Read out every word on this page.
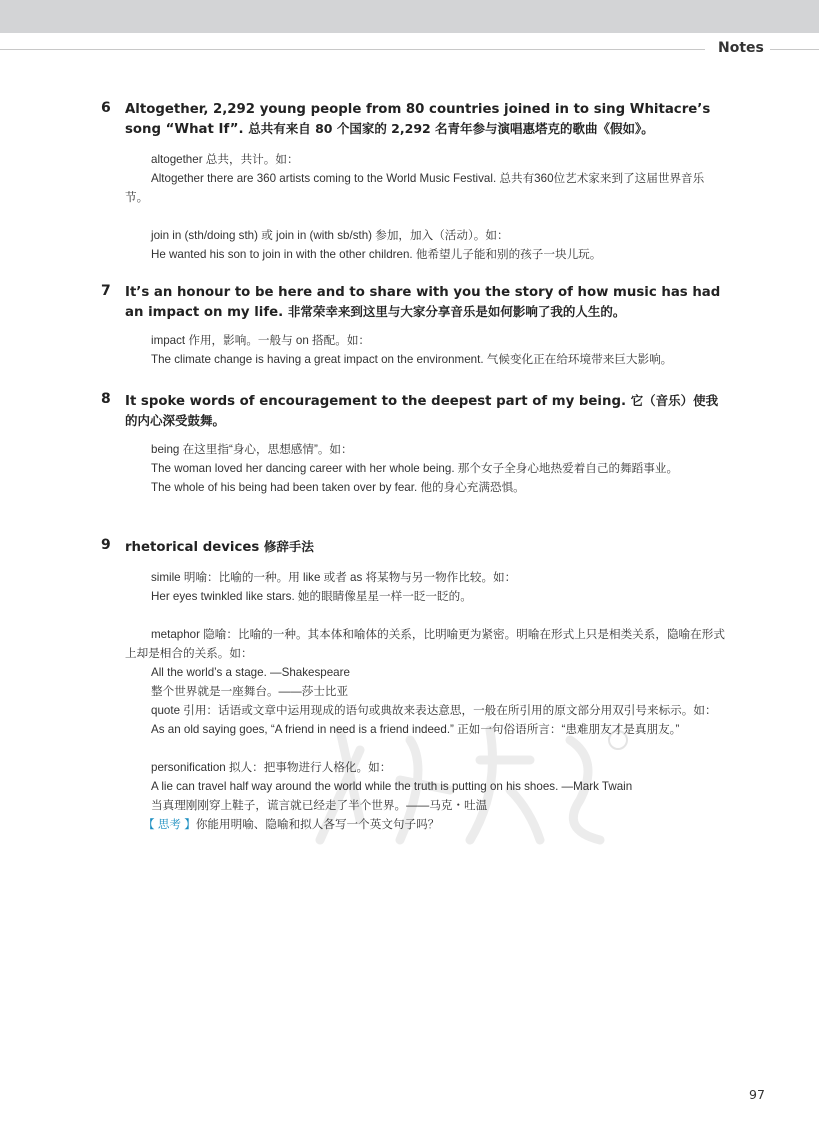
Notes
6 Altogether, 2,292 young people from 80 countries joined in to sing Whitacre’s song “What If”. 总共有来自 80 个国家的 2,292 名青年参与演唱惠塔克的歌曲《假如》。

altogether 总共，共计。如：

Altogether there are 360 artists coming to the World Music Festival. 总共有360位艺术家来到了这届世界音乐节。

join in (sth/doing sth) 或 join in (with sb/sth) 参加，加入（活动）。如：

He wanted his son to join in with the other children. 他希望儿子能和别的孩子一块儿玩。

7 It’s an honour to be here and to share with you the story of how music has had an impact on my life. 非常荣幸来到这里与大家分享音乐是如何影响了我的人生的。

impact 作用，影响。一般与 on 搭配。如：

The climate change is having a great impact on the environment. 气候变化正在给环境带来巨大影响。

8 It spoke words of encouragement to the deepest part of my being. 它（音乐）使我的内心深受鼓舞。

being 在这里指“身心，思想感情”。如：

The woman loved her dancing career with her whole being. 那个女子全身心地热爱着自己的舞蹈事业。

The whole of his being had been taken over by fear. 他的身心充满恐惧。

9 rhetorical devices 修辞手法

simile 明喻：比喻的一种。用 like 或者 as 将某物与另一物作比较。如：

Her eyes twinkled like stars. 她的眼睛像星星一样一眨一眨的。

metaphor 隐喻：比喻的一种。其本体和喻体的关系，比明喻更为紧密。明喻在形式上只是相类关系，隐喻在形式上却是相合的关系。如：

All the world’s a stage. —Shakespeare

整个世界就是一座舞台。——莎士比亚

quote 引用：话语或文章中运用现成的语句或典故来表达意思，一般在所引用的原文部分用双引号来标示。如：

As an old saying goes, “A friend in need is a friend indeed.” 正如一句俗语所言：“患难朋友才是真朋友。”

personification 拟人：把事物进行人格化。如：

A lie can travel half way around the world while the truth is putting on his shoes. —Mark Twain

当真理刚刚穿上鞋子，谎言就已经走了半个世界。——马克・吐温

【 思考 】你能用明喻、隐喻和拟人各写一个英文句子吗？

97
